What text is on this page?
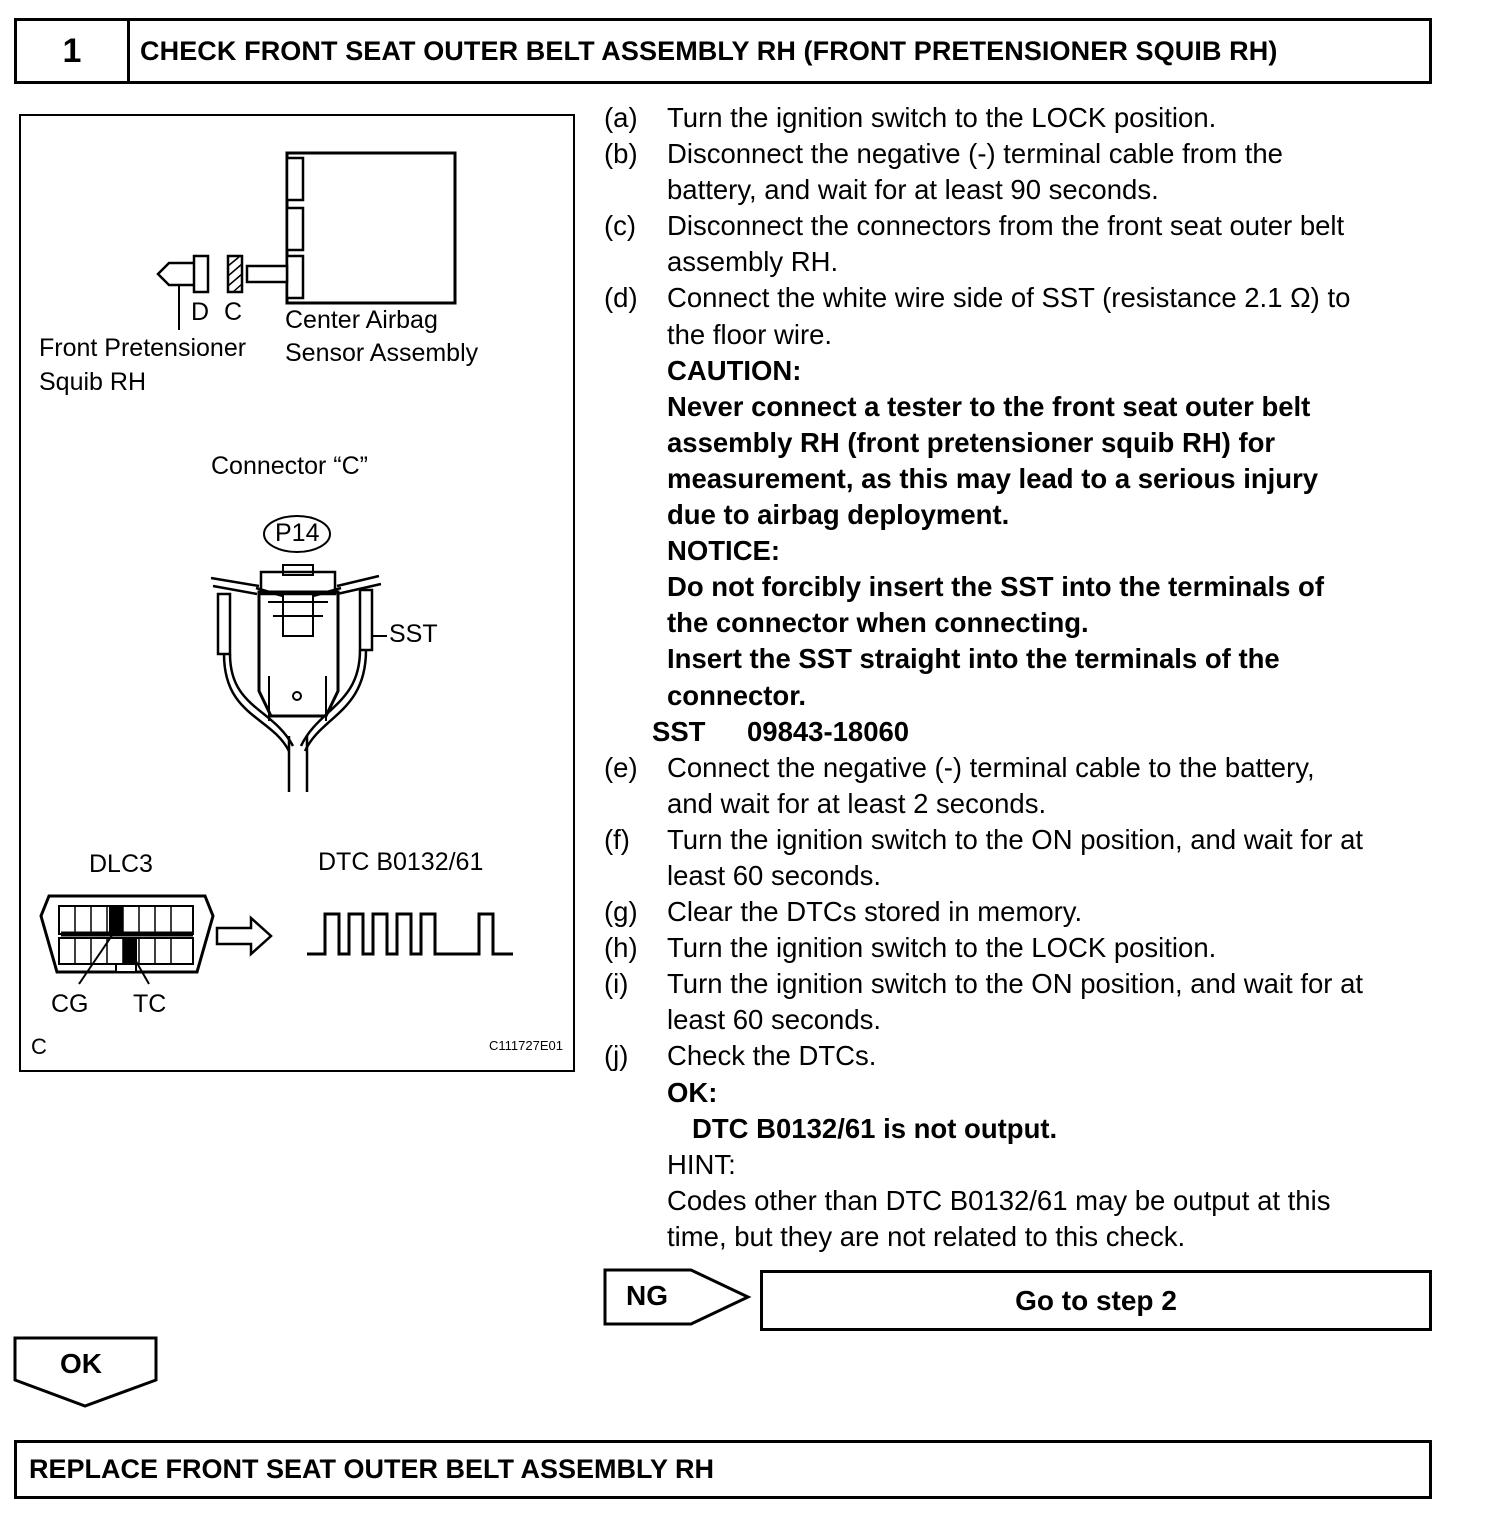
1	CHECK FRONT SEAT OUTER BELT ASSEMBLY RH (FRONT PRETENSIONER SQUIB RH)
D C
Front Pretensioner
Squib RH
Center Airbag
Sensor Assembly
Connector “C”
P14
SST
DLC3	DTC B0132/61
CG TC
C	C111727E01
(a)	Turn the ignition switch to the LOCK position.
(b)	Disconnect the negative (-) terminal cable from the
battery, and wait for at least 90 seconds.
(c)	Disconnect the connectors from the front seat outer belt
assembly RH.
(d)	Connect the white wire side of SST (resistance 2.1 Ω) to
the floor wire.
CAUTION:
Never connect a tester to the front seat outer belt
assembly RH (front pretensioner squib RH) for
measurement, as this may lead to a serious injury
due to airbag deployment.
NOTICE:
Do not forcibly insert the SST into the terminals of
the connector when connecting.
Insert the SST straight into the terminals of the
connector.
SST 09843-18060
(e)	Connect the negative (-) terminal cable to the battery,
and wait for at least 2 seconds.
(f)	Turn the ignition switch to the ON position, and wait for at
least 60 seconds.
(g)	Clear the DTCs stored in memory.
(h)	Turn the ignition switch to the LOCK position.
(i)	Turn the ignition switch to the ON position, and wait for at
least 60 seconds.
(j)	Check the DTCs.
OK:
DTC B0132/61 is not output.
HINT:
Codes other than DTC B0132/61 may be output at this
time, but they are not related to this check.
NG	Go to step 2
OK
REPLACE FRONT SEAT OUTER BELT ASSEMBLY RH
